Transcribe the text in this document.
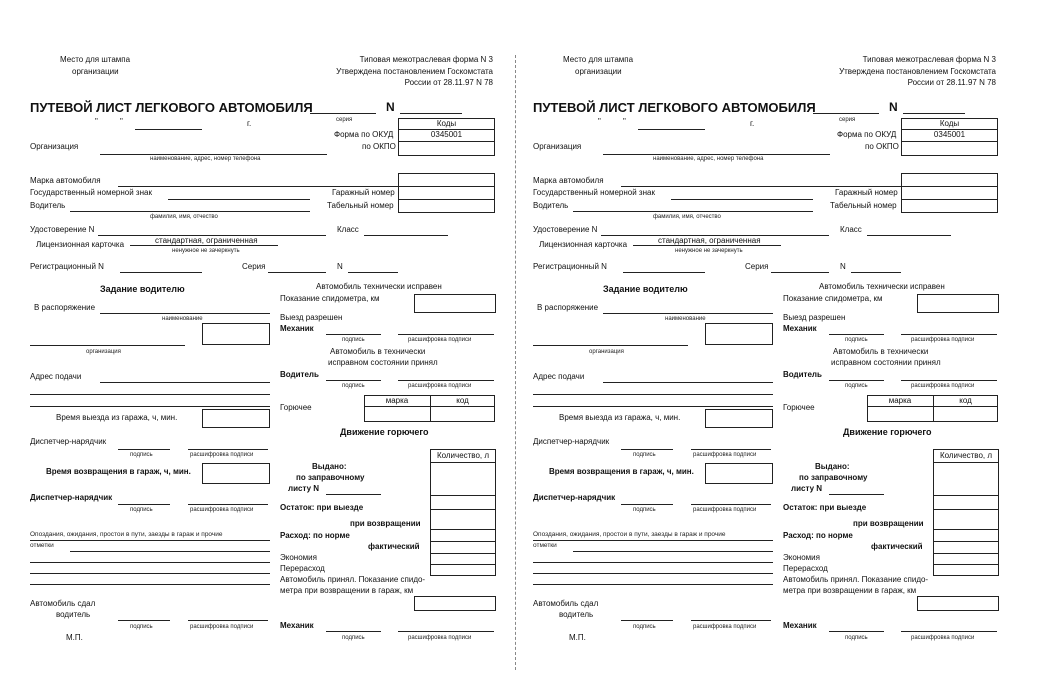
Место для штампа
организации
Типовая межотраслевая форма N 3
Утверждена постановлением Госкомстата
России от 28.11.97 N 78
ПУТЕВОЙ ЛИСТ ЛЕГКОВОГО АВТОМОБИЛЯ	N
серия
"	"	г.	Коды
0345001
Форма по ОКУД
по ОКПО
Организация
наименование, адрес, номер телефона
Марка автомобиля
Государственный номерной знак	Гаражный номер
Водитель	Табельный номер
фамилия, имя, отчество
Удостоверение N	Класс
Лицензионная карточка	стандартная, ограниченная
ненужное не зачеркнуть
Регистрационный N	Серия	N
Задание водителю
В распоряжение
наименование
организация
Адрес подачи
Время выезда из гаража, ч, мин.
Диспетчер-нарядчик
подпись	расшифровка подписи
Время возвращения в гараж, ч, мин.
Диспетчер-нарядчик
подпись	расшифровка подписи
Опоздания, ожидания, простои в пути, заезды в гараж и прочие
отметки
Автомобиль сдал
водитель
подпись	расшифровка подписи
М.П.
Автомобиль технически исправен
Показание спидометра, км
Выезд разрешен
Механик
подпись	расшифровка подписи
Автомобиль в технически
исправном состоянии принял
Водитель
подпись	расшифровка подписи
Горючее
марка	код
Движение горючего
Количество, л
Выдано:
по заправочному
листу N
Остаток: при выезде
при возвращении
Расход: по норме
фактический
Экономия
Перерасход
Автомобиль принял. Показание спидо-
метра при возвращении в гараж, км
Механик
подпись	расшифровка подписи
Место для штампа
организации
Типовая межотраслевая форма N 3
Утверждена постановлением Госкомстата
России от 28.11.97 N 78
ПУТЕВОЙ ЛИСТ ЛЕГКОВОГО АВТОМОБИЛЯ	N
серия
"	"	г.	Коды
0345001
Форма по ОКУД
по ОКПО
Организация
наименование, адрес, номер телефона
Марка автомобиля
Государственный номерной знак	Гаражный номер
Водитель	Табельный номер
фамилия, имя, отчество
Удостоверение N	Класс
Лицензионная карточка	стандартная, ограниченная
ненужное не зачеркнуть
Регистрационный N	Серия	N
Задание водителю
В распоряжение
наименование
организация
Адрес подачи
Время выезда из гаража, ч, мин.
Диспетчер-нарядчик
подпись	расшифровка подписи
Время возвращения в гараж, ч, мин.
Диспетчер-нарядчик
подпись	расшифровка подписи
Опоздания, ожидания, простои в пути, заезды в гараж и прочие
отметки
Автомобиль сдал
водитель
подпись	расшифровка подписи
М.П.
Автомобиль технически исправен
Показание спидометра, км
Выезд разрешен
Механик
подпись	расшифровка подписи
Автомобиль в технически
исправном состоянии принял
Водитель
подпись	расшифровка подписи
Горючее
марка	код
Движение горючего
Количество, л
Выдано:
по заправочному
листу N
Остаток: при выезде
при возвращении
Расход: по норме
фактический
Экономия
Перерасход
Автомобиль принял. Показание спидо-
метра при возвращении в гараж, км
Механик
подпись	расшифровка подписи
